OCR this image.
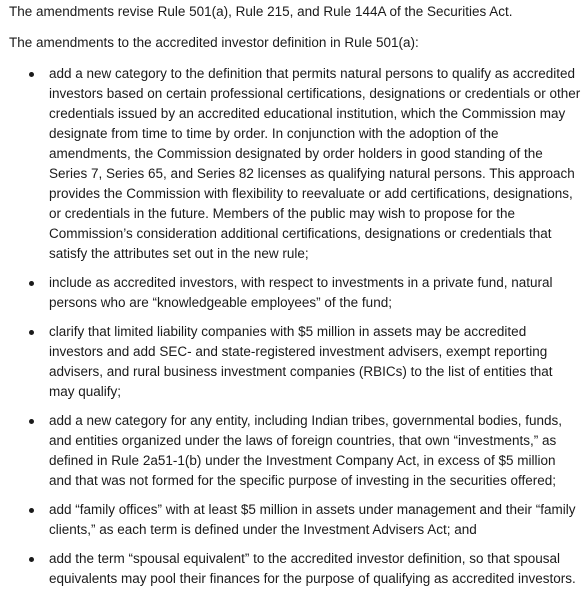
The amendments revise Rule 501(a), Rule 215, and Rule 144A of the Securities Act.

The amendments to the accredited investor definition in Rule 501(a):

add a new category to the definition that permits natural persons to qualify as accredited investors based on certain professional certifications, designations or credentials or other credentials issued by an accredited educational institution, which the Commission may designate from time to time by order. In conjunction with the adoption of the amendments, the Commission designated by order holders in good standing of the Series 7, Series 65, and Series 82 licenses as qualifying natural persons. This approach provides the Commission with flexibility to reevaluate or add certifications, designations, or credentials in the future. Members of the public may wish to propose for the Commission’s consideration additional certifications, designations or credentials that satisfy the attributes set out in the new rule;
include as accredited investors, with respect to investments in a private fund, natural persons who are “knowledgeable employees” of the fund;
clarify that limited liability companies with $5 million in assets may be accredited investors and add SEC- and state-registered investment advisers, exempt reporting advisers, and rural business investment companies (RBICs) to the list of entities that may qualify;
add a new category for any entity, including Indian tribes, governmental bodies, funds, and entities organized under the laws of foreign countries, that own “investments,” as defined in Rule 2a51-1(b) under the Investment Company Act, in excess of $5 million and that was not formed for the specific purpose of investing in the securities offered;
add “family offices” with at least $5 million in assets under management and their “family clients,” as each term is defined under the Investment Advisers Act; and
add the term “spousal equivalent” to the accredited investor definition, so that spousal equivalents may pool their finances for the purpose of qualifying as accredited investors.
